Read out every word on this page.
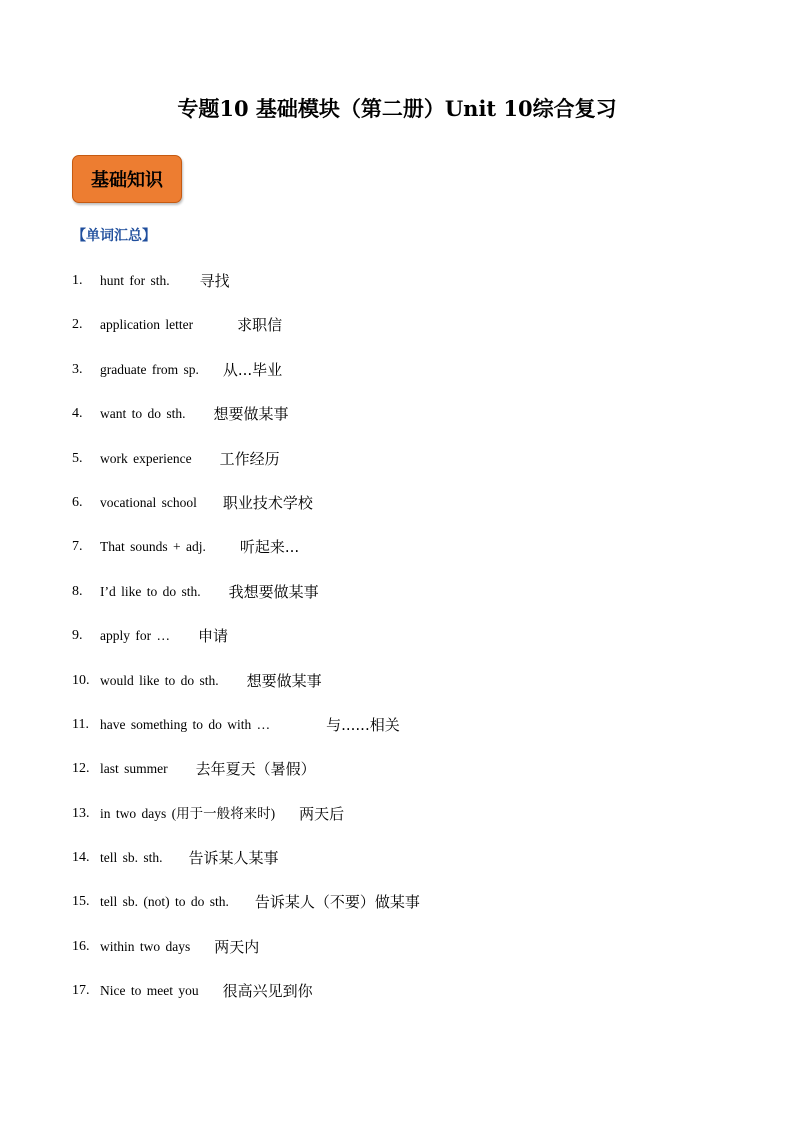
专题10 基础模块（第二册）Unit 10综合复习
基础知识
【单词汇总】
1.	hunt for sth. 寻找
2.	application letter	求职信
3.	graduate from sp. 从...毕业
4.	want to do sth. 想要做某事
5.	work experience 工作经历
6.	vocational school 职业技术学校
7.	That sounds + adj. 听起来...
8.	I’d like to do sth. 我想要做某事
9.	apply for … 申请
10. would like to do sth. 想要做某事
11. have something to do with …	与......相关
12. last summer 去年夏天（暑假）
13. in two days (用于一般将来时) 两天后
14. tell sb. sth. 告诉某人某事
15. tell sb. (not) to do sth. 告诉某人（不要）做某事
16. within two days 两天内
17. Nice to meet you 很高兴见到你
